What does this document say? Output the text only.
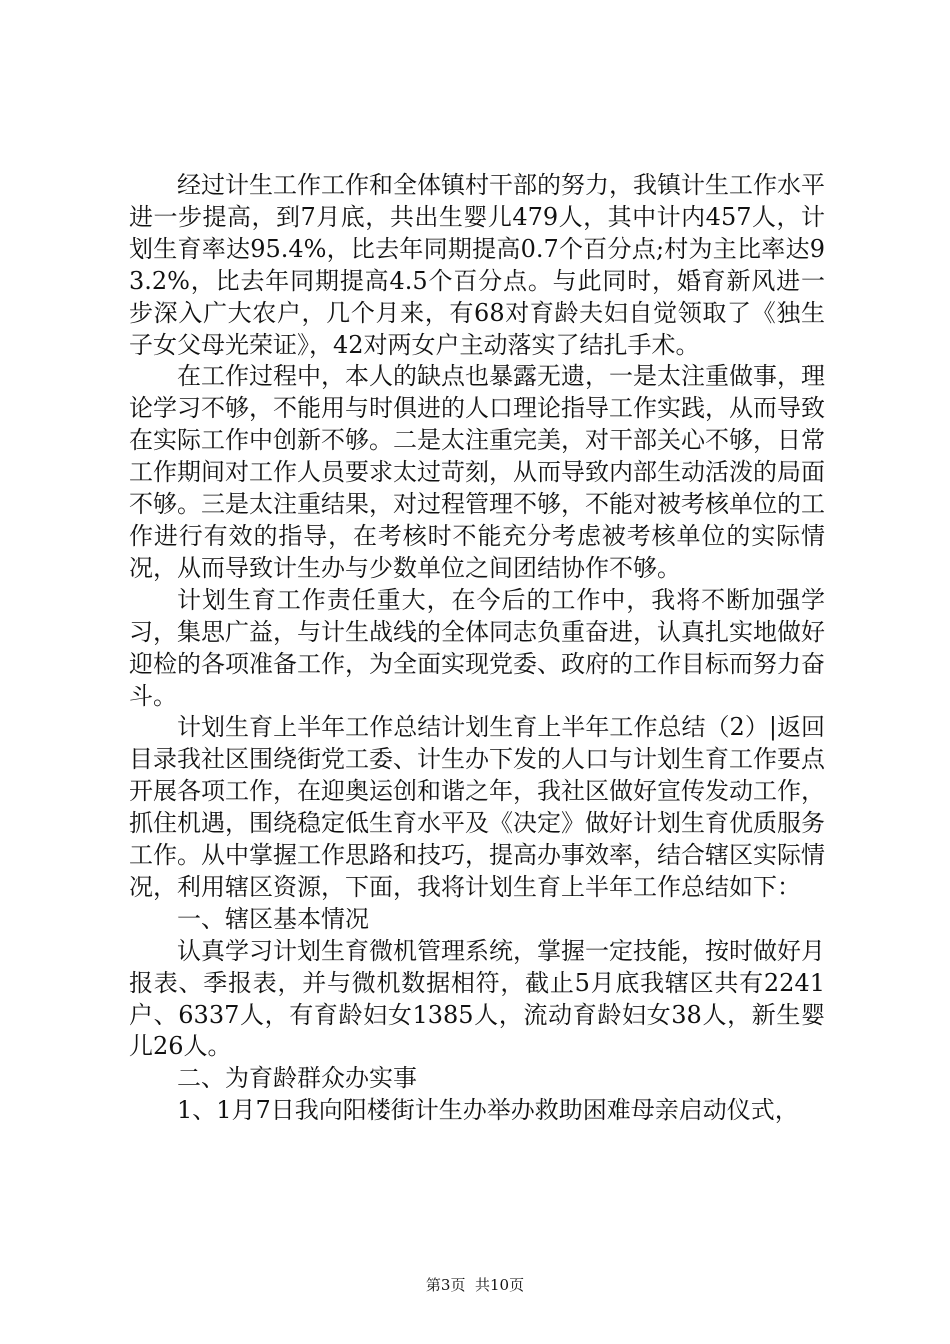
经过计生工作工作和全体镇村干部的努力，我镇计生工作水平进一步提高，到7月底，共出生婴儿479人，其中计内457人，计划生育率达95.4%，比去年同期提高0.7个百分点;村为主比率达93.2%，比去年同期提高4.5个百分点。与此同时，婚育新风进一步深入广大农户，几个月来，有68对育龄夫妇自觉领取了《独生子女父母光荣证》，42对两女户主动落实了结扎手术。

在工作过程中，本人的缺点也暴露无遗，一是太注重做事，理论学习不够，不能用与时俱进的人口理论指导工作实践，从而导致在实际工作中创新不够。二是太注重完美，对干部关心不够，日常工作期间对工作人员要求太过苛刻，从而导致内部生动活泼的局面不够。三是太注重结果，对过程管理不够，不能对被考核单位的工作进行有效的指导，在考核时不能充分考虑被考核单位的实际情况，从而导致计生办与少数单位之间团结协作不够。

计划生育工作责任重大，在今后的工作中，我将不断加强学习，集思广益，与计生战线的全体同志负重奋进，认真扎实地做好迎检的各项准备工作，为全面实现党委、政府的工作目标而努力奋斗。

计划生育上半年工作总结计划生育上半年工作总结（2）|返回目录我社区围绕街党工委、计生办下发的人口与计划生育工作要点开展各项工作，在迎奥运创和谐之年，我社区做好宣传发动工作，抓住机遇，围绕稳定低生育水平及《决定》做好计划生育优质服务工作。从中掌握工作思路和技巧，提高办事效率，结合辖区实际情况，利用辖区资源，下面，我将计划生育上半年工作总结如下：

一、辖区基本情况

认真学习计划生育微机管理系统，掌握一定技能，按时做好月报表、季报表，并与微机数据相符，截止5月底我辖区共有2241户、6337人，有育龄妇女1385人，流动育龄妇女38人，新生婴儿26人。

二、为育龄群众办实事

1、1月7日我向阳楼街计生办举办救助困难母亲启动仪式，

第3页  共10页
